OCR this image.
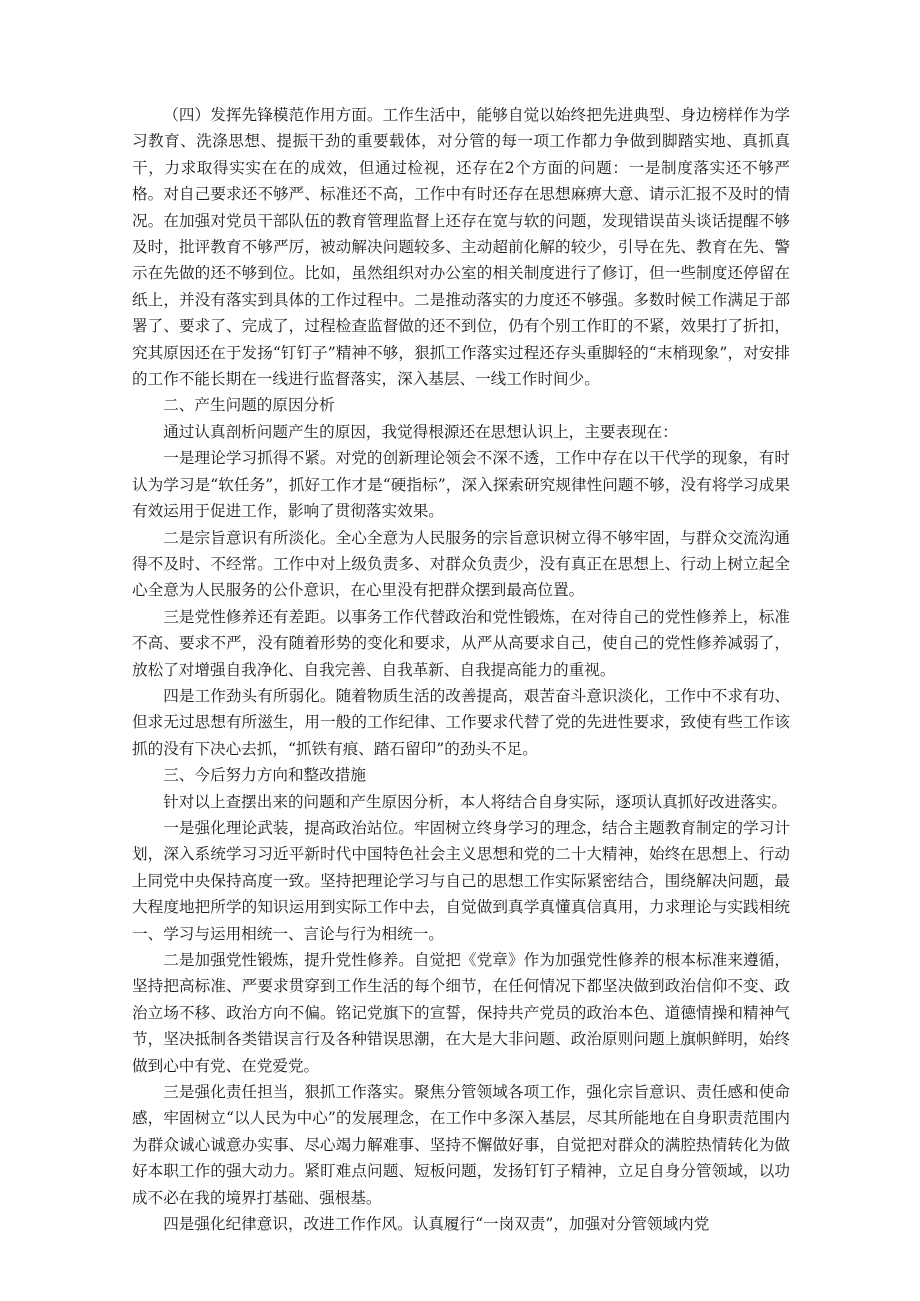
（四）发挥先锋模范作用方面。工作生活中，能够自觉以始终把先进典型、身边榜样作为学习教育、洗涤思想、提振干劲的重要载体，对分管的每一项工作都力争做到脚踏实地、真抓真干，力求取得实实在在的成效，但通过检视，还存在2个方面的问题：一是制度落实还不够严格。对自己要求还不够严、标准还不高，工作中有时还存在思想麻痹大意、请示汇报不及时的情况。在加强对党员干部队伍的教育管理监督上还存在宽与软的问题，发现错误苗头谈话提醒不够及时，批评教育不够严厉，被动解决问题较多、主动超前化解的较少，引导在先、教育在先、警示在先做的还不够到位。比如，虽然组织对办公室的相关制度进行了修订，但一些制度还停留在纸上，并没有落实到具体的工作过程中。二是推动落实的力度还不够强。多数时候工作满足于部署了、要求了、完成了，过程检查监督做的还不到位，仍有个别工作盯的不紧，效果打了折扣，究其原因还在于发扬“钉钉子”精神不够，狠抓工作落实过程还存头重脚轻的“末梢现象”，对安排的工作不能长期在一线进行监督落实，深入基层、一线工作时间少。

二、产生问题的原因分析

通过认真剖析问题产生的原因，我觉得根源还在思想认识上，主要表现在：

一是理论学习抓得不紧。对党的创新理论领会不深不透，工作中存在以干代学的现象，有时认为学习是“软任务”，抓好工作才是“硬指标”，深入探索研究规律性问题不够，没有将学习成果有效运用于促进工作，影响了贯彻落实效果。

二是宗旨意识有所淡化。全心全意为人民服务的宗旨意识树立得不够牢固，与群众交流沟通得不及时、不经常。工作中对上级负责多、对群众负责少，没有真正在思想上、行动上树立起全心全意为人民服务的公仆意识，在心里没有把群众摆到最高位置。

三是党性修养还有差距。以事务工作代替政治和党性锻炼，在对待自己的党性修养上，标准不高、要求不严，没有随着形势的变化和要求，从严从高要求自己，使自己的党性修养减弱了，放松了对增强自我净化、自我完善、自我革新、自我提高能力的重视。

四是工作劲头有所弱化。随着物质生活的改善提高，艰苦奋斗意识淡化，工作中不求有功、但求无过思想有所滋生，用一般的工作纪律、工作要求代替了党的先进性要求，致使有些工作该抓的没有下决心去抓，“抓铁有痕、踏石留印”的劲头不足。

三、今后努力方向和整改措施

针对以上查摆出来的问题和产生原因分析，本人将结合自身实际，逐项认真抓好改进落实。

一是强化理论武装，提高政治站位。牢固树立终身学习的理念，结合主题教育制定的学习计划，深入系统学习习近平新时代中国特色社会主义思想和党的二十大精神，始终在思想上、行动上同党中央保持高度一致。坚持把理论学习与自己的思想工作实际紧密结合，围绕解决问题，最大程度地把所学的知识运用到实际工作中去，自觉做到真学真懂真信真用，力求理论与实践相统一、学习与运用相统一、言论与行为相统一。

二是加强党性锻炼，提升党性修养。自觉把《党章》作为加强党性修养的根本标准来遵循，坚持把高标准、严要求贯穿到工作生活的每个细节，在任何情况下都坚决做到政治信仰不变、政治立场不移、政治方向不偏。铭记党旗下的宣誓，保持共产党员的政治本色、道德情操和精神气节，坚决抵制各类错误言行及各种错误思潮，在大是大非问题、政治原则问题上旗帜鲜明，始终做到心中有党、在党爱党。

三是强化责任担当，狠抓工作落实。聚焦分管领域各项工作，强化宗旨意识、责任感和使命感，牢固树立“以人民为中心”的发展理念，在工作中多深入基层，尽其所能地在自身职责范围内为群众诚心诚意办实事、尽心竭力解难事、坚持不懈做好事，自觉把对群众的满腔热情转化为做好本职工作的强大动力。紧盯难点问题、短板问题，发扬钉钉子精神，立足自身分管领域，以功成不必在我的境界打基础、强根基。

四是强化纪律意识，改进工作作风。认真履行“一岗双责”，加强对分管领域内党
